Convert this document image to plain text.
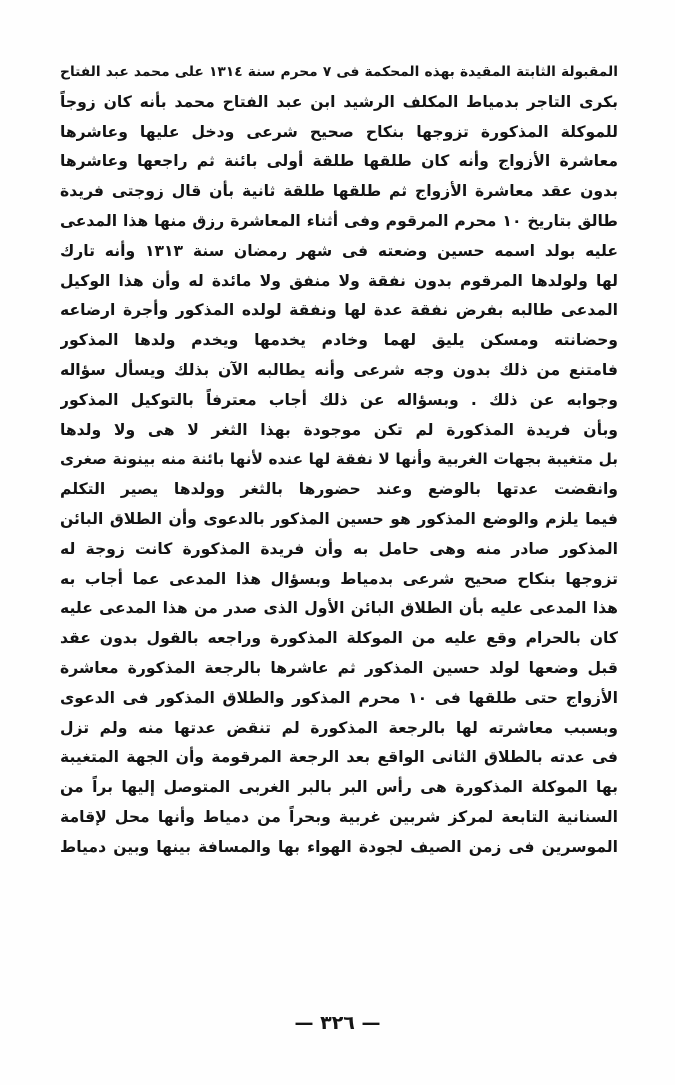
المقبولة الثابتة المقيدة بهذه المحكمة فى ٧ محرم سنة ١٣١٤ على محمد عبد الفتاح
بكرى التاجر بدمياط المكلف الرشيد ابن عبد الفتاح محمد بأنه كان زوجاً
للموكلة المذكورة تزوجها بنكاح صحيح شرعى ودخل عليها وعاشرها
معاشرة الأزواج وأنه كان طلقها طلقة أولى بائنة ثم راجعها وعاشرها
بدون عقد معاشرة الأزواج ثم طلقها طلقة ثانية بأن قال زوجتى فريدة
طالق بتاريخ ١٠ محرم المرقوم وفى أثناء المعاشرة رزق منها هذا المدعى
عليه بولد اسمه حسين وضعته فى شهر رمضان سنة ١٣١٣ وأنه تارك
لها ولولدها المرقوم بدون نفقة ولا منفق ولا مائدة له وأن هذا الوكيل
المدعى طالبه بفرض نفقة عدة لها ونفقة لولده المذكور وأجرة ارضاعه
وحضانته ومسكن يليق لهما وخادم يخدمها ويخدم ولدها المذكور
فامتنع من ذلك بدون وجه شرعى وأنه يطالبه الآن بذلك ويسأل سؤاله
وجوابه عن ذلك . وبسؤاله عن ذلك أجاب معترفاً بالتوكيل المذكور
وبأن فريدة المذكورة لم تكن موجودة بهذا الثغر لا هى ولا ولدها
بل متغيبة بجهات الغربية وأنها لا نفقة لها عنده لأنها بائنة منه بينونة صغرى
وانقضت عدتها بالوضع وعند حضورها بالثغر وولدها يصير التكلم
فيما يلزم والوضع المذكور هو حسين المذكور بالدعوى وأن الطلاق البائن
المذكور صادر منه وهى حامل به وأن فريدة المذكورة كانت زوجة له
تزوجها بنكاح صحيح شرعى بدمياط وبسؤال هذا المدعى عما أجاب به
هذا المدعى عليه بأن الطلاق البائن الأول الذى صدر من هذا المدعى عليه
كان بالحرام وقع عليه من الموكلة المذكورة وراجعه بالقول بدون عقد
قبل وضعها لولد حسين المذكور ثم عاشرها بالرجعة المذكورة معاشرة
الأزواج حتى طلقها فى ١٠ محرم المذكور والطلاق المذكور فى الدعوى
وبسبب معاشرته لها بالرجعة المذكورة لم تنقض عدتها منه ولم تزل
فى عدته بالطلاق الثانى الواقع بعد الرجعة المرقومة وأن الجهة المتغيبة
بها الموكلة المذكورة هى رأس البر بالبر الغربى المتوصل إليها براً من
السنانية التابعة لمركز شربين غربية وبحراً من دمياط وأنها محل لإقامة
الموسرين فى زمن الصيف لجودة الهواء بها والمسافة بينها وبين دمياط
— ٣٢٦ —
